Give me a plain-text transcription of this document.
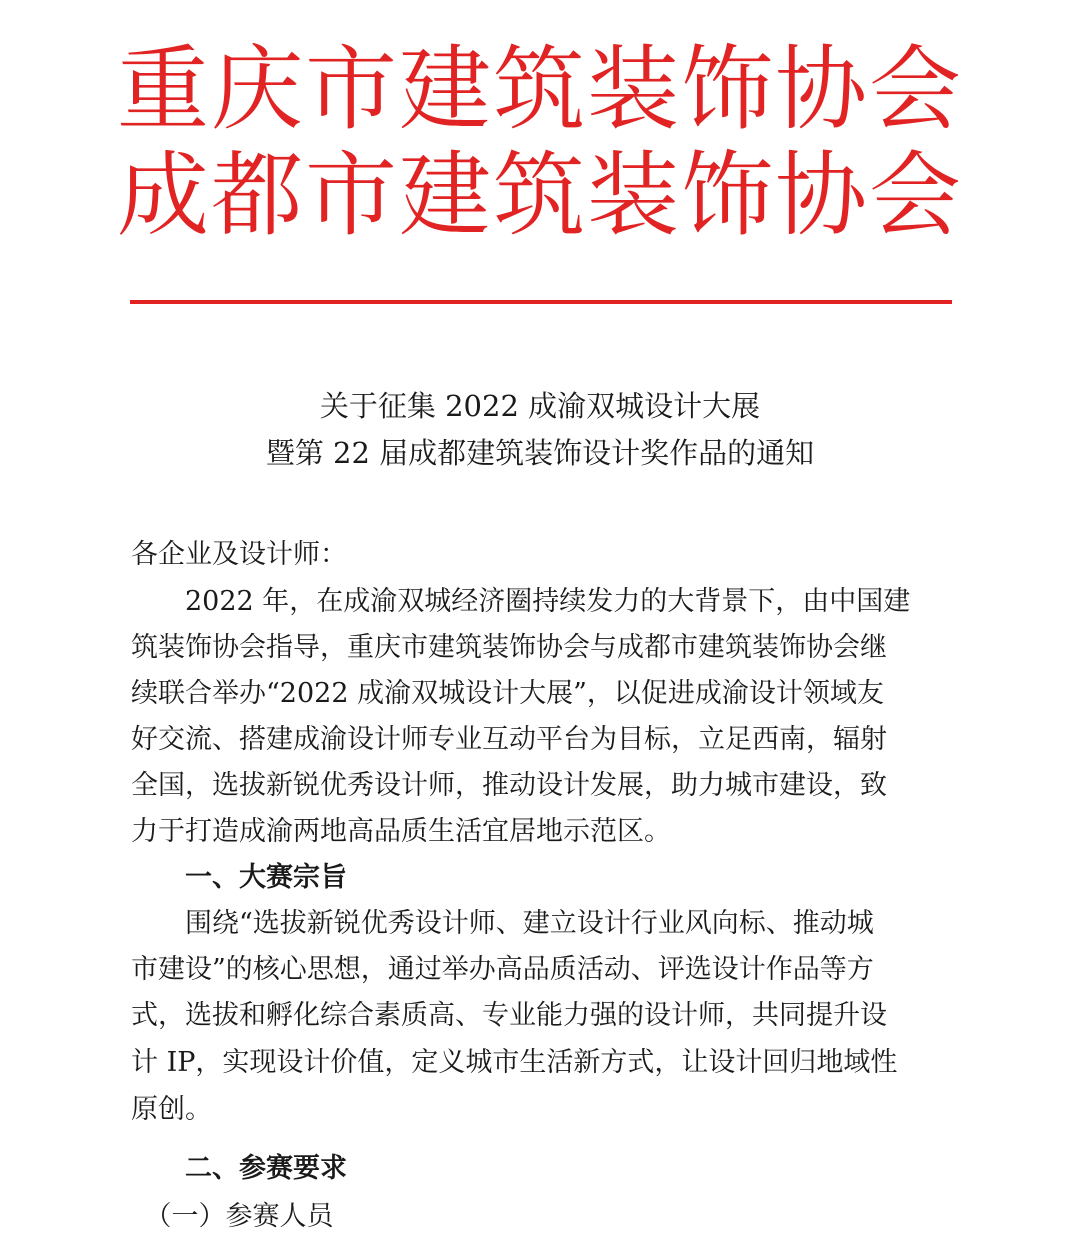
重庆市建筑装饰协会
成都市建筑装饰协会
关于征集 2022 成渝双城设计大展
暨第 22 届成都建筑装饰设计奖作品的通知
各企业及设计师：
　　2022 年，在成渝双城经济圈持续发力的大背景下，由中国建
筑装饰协会指导，重庆市建筑装饰协会与成都市建筑装饰协会继
续联合举办“2022 成渝双城设计大展”，以促进成渝设计领域友
好交流、搭建成渝设计师专业互动平台为目标，立足西南，辐射
全国，选拔新锐优秀设计师，推动设计发展，助力城市建设，致
力于打造成渝两地高品质生活宜居地示范区。
　　一、大赛宗旨
　　围绕“选拔新锐优秀设计师、建立设计行业风向标、推动城
市建设”的核心思想，通过举办高品质活动、评选设计作品等方
式，选拔和孵化综合素质高、专业能力强的设计师，共同提升设
计 IP，实现设计价值，定义城市生活新方式，让设计回归地域性
原创。
　　二、参赛要求
　（一）参赛人员
